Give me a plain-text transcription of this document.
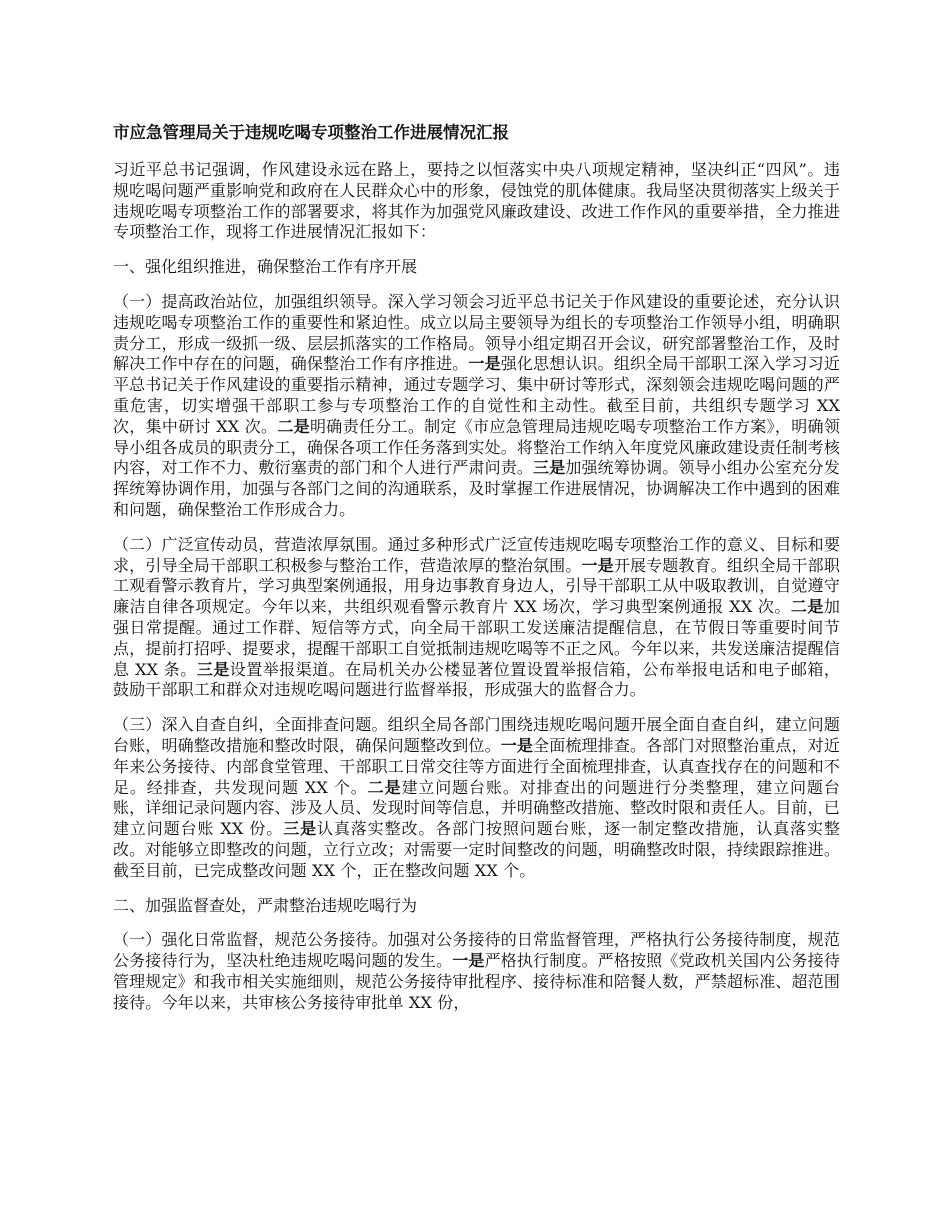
市应急管理局关于违规吃喝专项整治工作进展情况汇报

习近平总书记强调，作风建设永远在路上，要持之以恒落实中央八项规定精神，坚决纠正“四风”。违规吃喝问题严重影响党和政府在人民群众心中的形象，侵蚀党的肌体健康。我局坚决贯彻落实上级关于违规吃喝专项整治工作的部署要求，将其作为加强党风廉政建设、改进工作作风的重要举措，全力推进专项整治工作，现将工作进展情况汇报如下：

一、强化组织推进，确保整治工作有序开展

（一）提高政治站位，加强组织领导。深入学习领会习近平总书记关于作风建设的重要论述，充分认识违规吃喝专项整治工作的重要性和紧迫性。成立以局主要领导为组长的专项整治工作领导小组，明确职责分工，形成一级抓一级、层层抓落实的工作格局。领导小组定期召开会议，研究部署整治工作，及时解决工作中存在的问题，确保整治工作有序推进。一是强化思想认识。组织全局干部职工深入学习习近平总书记关于作风建设的重要指示精神，通过专题学习、集中研讨等形式，深刻领会违规吃喝问题的严重危害，切实增强干部职工参与专项整治工作的自觉性和主动性。截至目前，共组织专题学习 XX 次，集中研讨 XX 次。二是明确责任分工。制定《市应急管理局违规吃喝专项整治工作方案》，明确领导小组各成员的职责分工，确保各项工作任务落到实处。将整治工作纳入年度党风廉政建设责任制考核内容，对工作不力、敷衍塞责的部门和个人进行严肃问责。三是加强统筹协调。领导小组办公室充分发挥统筹协调作用，加强与各部门之间的沟通联系，及时掌握工作进展情况，协调解决工作中遇到的困难和问题，确保整治工作形成合力。

（二）广泛宣传动员，营造浓厚氛围。通过多种形式广泛宣传违规吃喝专项整治工作的意义、目标和要求，引导全局干部职工积极参与整治工作，营造浓厚的整治氛围。一是开展专题教育。组织全局干部职工观看警示教育片，学习典型案例通报，用身边事教育身边人，引导干部职工从中吸取教训，自觉遵守廉洁自律各项规定。今年以来，共组织观看警示教育片 XX 场次，学习典型案例通报 XX 次。二是加强日常提醒。通过工作群、短信等方式，向全局干部职工发送廉洁提醒信息，在节假日等重要时间节点，提前打招呼、提要求，提醒干部职工自觉抵制违规吃喝等不正之风。今年以来，共发送廉洁提醒信息 XX 条。三是设置举报渠道。在局机关办公楼显著位置设置举报信箱，公布举报电话和电子邮箱，鼓励干部职工和群众对违规吃喝问题进行监督举报，形成强大的监督合力。

（三）深入自查自纠，全面排查问题。组织全局各部门围绕违规吃喝问题开展全面自查自纠，建立问题台账，明确整改措施和整改时限，确保问题整改到位。一是全面梳理排查。各部门对照整治重点，对近年来公务接待、内部食堂管理、干部职工日常交往等方面进行全面梳理排查，认真查找存在的问题和不足。经排查，共发现问题 XX 个。二是建立问题台账。对排查出的问题进行分类整理，建立问题台账，详细记录问题内容、涉及人员、发现时间等信息，并明确整改措施、整改时限和责任人。目前，已建立问题台账 XX 份。三是认真落实整改。各部门按照问题台账，逐一制定整改措施，认真落实整改。对能够立即整改的问题，立行立改；对需要一定时间整改的问题，明确整改时限，持续跟踪推进。截至目前，已完成整改问题 XX 个，正在整改问题 XX 个。

二、加强监督查处，严肃整治违规吃喝行为

（一）强化日常监督，规范公务接待。加强对公务接待的日常监督管理，严格执行公务接待制度，规范公务接待行为，坚决杜绝违规吃喝问题的发生。一是严格执行制度。严格按照《党政机关国内公务接待管理规定》和我市相关实施细则，规范公务接待审批程序、接待标准和陪餐人数，严禁超标准、超范围接待。今年以来，共审核公务接待审批单 XX 份，
